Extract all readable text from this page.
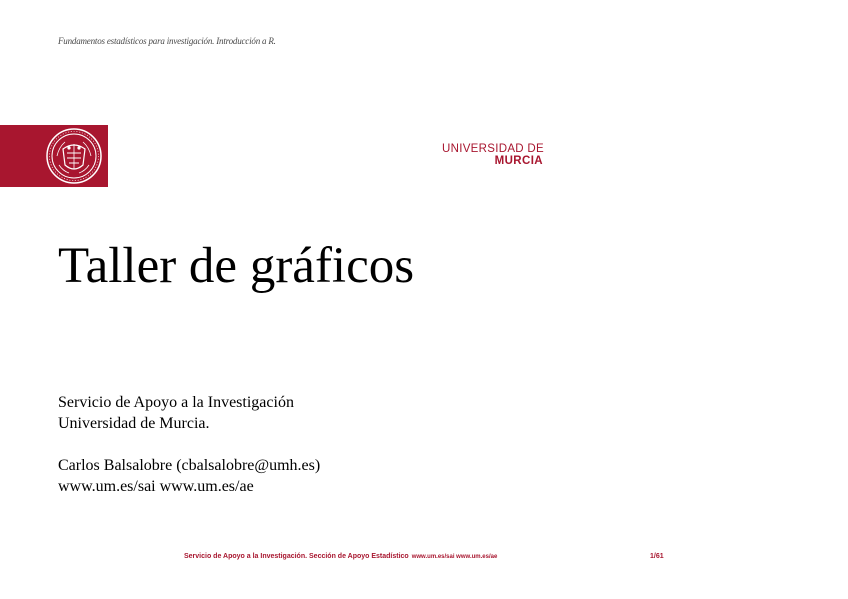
Fundamentos estadísticos para investigación. Introducción a R.
UNIVERSIDAD DE
MURCIA
Taller de gráficos
Servicio de Apoyo a la Investigación
Universidad de Murcia.
Carlos Balsalobre (cbalsalobre@umh.es)
www.um.es/sai www.um.es/ae
Servicio de Apoyo a la Investigación. Sección de Apoyo Estadístico www.um.es/sai www.um.es/ae	1/61
